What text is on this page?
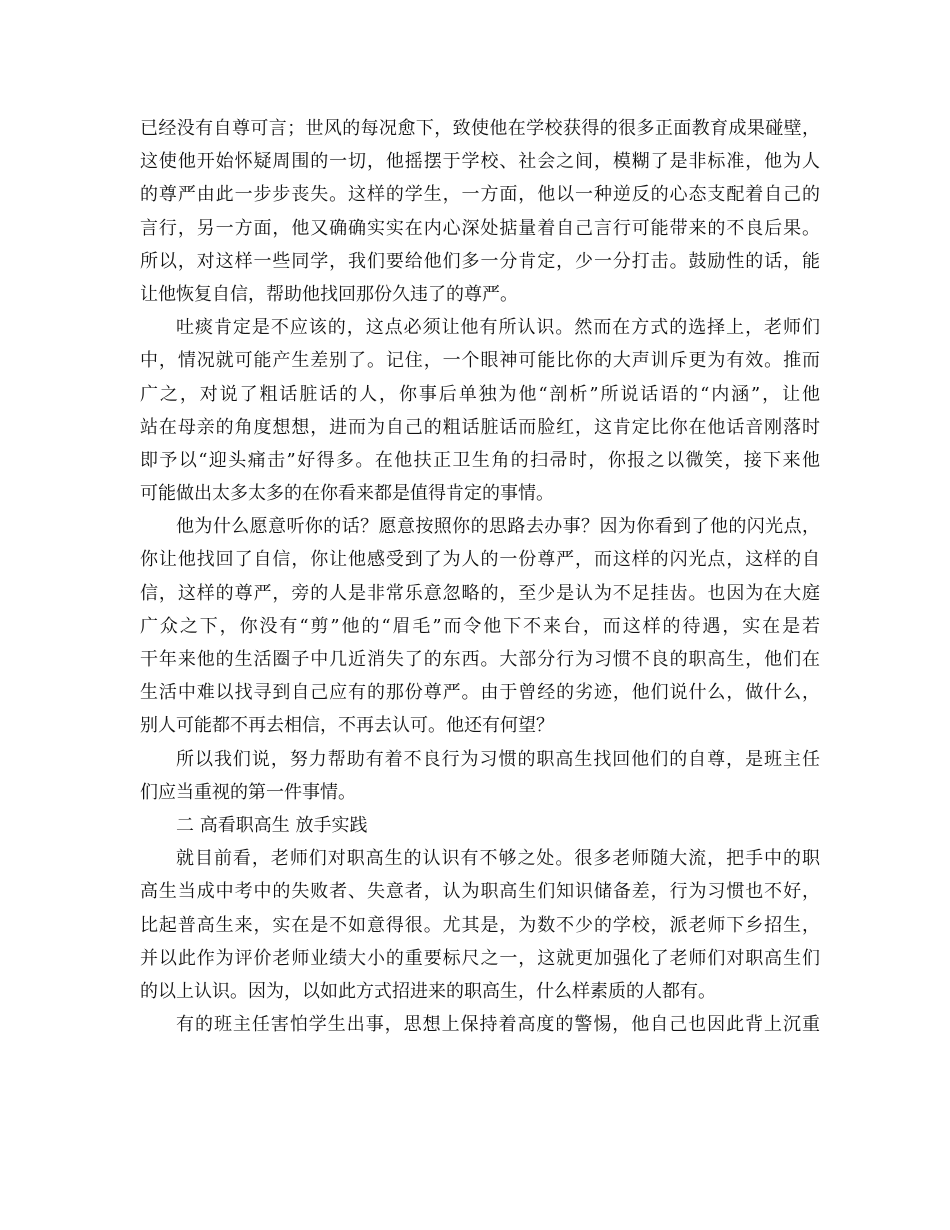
已经没有自尊可言；世风的每况愈下，致使他在学校获得的很多正面教育成果碰壁，
这使他开始怀疑周围的一切，他摇摆于学校、社会之间，模糊了是非标准，他为人
的尊严由此一步步丧失。这样的学生，一方面，他以一种逆反的心态支配着自己的
言行，另一方面，他又确确实实在内心深处掂量着自己言行可能带来的不良后果。
所以，对这样一些同学，我们要给他们多一分肯定，少一分打击。鼓励性的话，能
让他恢复自信，帮助他找回那份久违了的尊严。
吐痰肯定是不应该的，这点必须让他有所认识。然而在方式的选择上，老师们
中，情况就可能产生差别了。记住，一个眼神可能比你的大声训斥更为有效。推而
广之，对说了粗话脏话的人，你事后单独为他“剖析”所说话语的“内涵”，让他
站在母亲的角度想想，进而为自己的粗话脏话而脸红，这肯定比你在他话音刚落时
即予以“迎头痛击”好得多。在他扶正卫生角的扫帚时，你报之以微笑，接下来他
可能做出太多太多的在你看来都是值得肯定的事情。
他为什么愿意听你的话？愿意按照你的思路去办事？因为你看到了他的闪光点，
你让他找回了自信，你让他感受到了为人的一份尊严，而这样的闪光点，这样的自
信，这样的尊严，旁的人是非常乐意忽略的，至少是认为不足挂齿。也因为在大庭
广众之下，你没有“剪”他的“眉毛”而令他下不来台，而这样的待遇，实在是若
干年来他的生活圈子中几近消失了的东西。大部分行为习惯不良的职高生，他们在
生活中难以找寻到自己应有的那份尊严。由于曾经的劣迹，他们说什么，做什么，
别人可能都不再去相信，不再去认可。他还有何望？
所以我们说，努力帮助有着不良行为习惯的职高生找回他们的自尊，是班主任
们应当重视的第一件事情。
二 高看职高生 放手实践
就目前看，老师们对职高生的认识有不够之处。很多老师随大流，把手中的职
高生当成中考中的失败者、失意者，认为职高生们知识储备差，行为习惯也不好，
比起普高生来，实在是不如意得很。尤其是，为数不少的学校，派老师下乡招生，
并以此作为评价老师业绩大小的重要标尺之一，这就更加强化了老师们对职高生们
的以上认识。因为，以如此方式招进来的职高生，什么样素质的人都有。
有的班主任害怕学生出事，思想上保持着高度的警惕，他自己也因此背上沉重
